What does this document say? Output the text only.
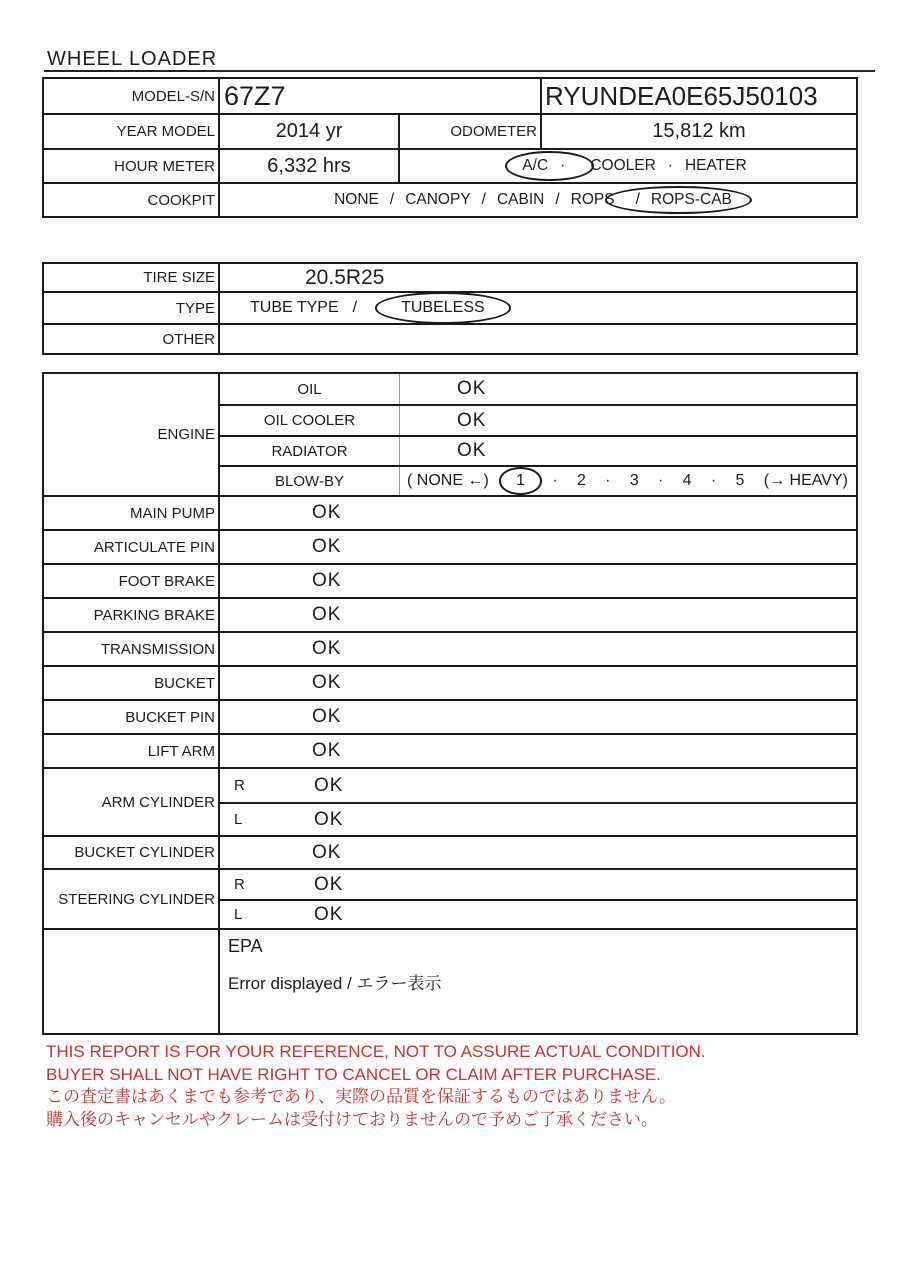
WHEEL LOADER
MODEL-S/N 67Z7	RYUNDEA0E65J50103
YEAR MODEL	2014 yr	ODOMETER	15,812 km
HOUR METER	6,332 hrs	A/C ·	COOLER · HEATER
COOKPIT	NONE / CANOPY / CABIN / ROPS	/ ROPS-CAB
TIRE SIZE	20.5R25
TYPE TUBE TYPE /	TUBELESS
OTHER
ENGINE
OIL	OK
OIL COOLER	OK
RADIATOR	OK
BLOW-BY	( NONE ←)	1	· 2 · 3 · 4 · 5 (→ HEAVY)
MAIN PUMP	OK
ARTICULATE PIN	OK
FOOT BRAKE	OK
PARKING BRAKE	OK
TRANSMISSION	OK
BUCKET	OK
BUCKET PIN	OK
LIFT ARM	OK
ARM CYLINDER
R	OK
L	OK
BUCKET CYLINDER	OK
STEERING CYLINDER
R	OK
L	OK
EPA
Error displayed / エラー表示
THIS REPORT IS FOR YOUR REFERENCE, NOT TO ASSURE ACTUAL CONDITION.
BUYER SHALL NOT HAVE RIGHT TO CANCEL OR CLAIM AFTER PURCHASE.
この査定書はあくまでも参考であり、実際の品質を保証するものではありません。
購入後のキャンセルやクレームは受付けておりませんので予めご了承ください。
